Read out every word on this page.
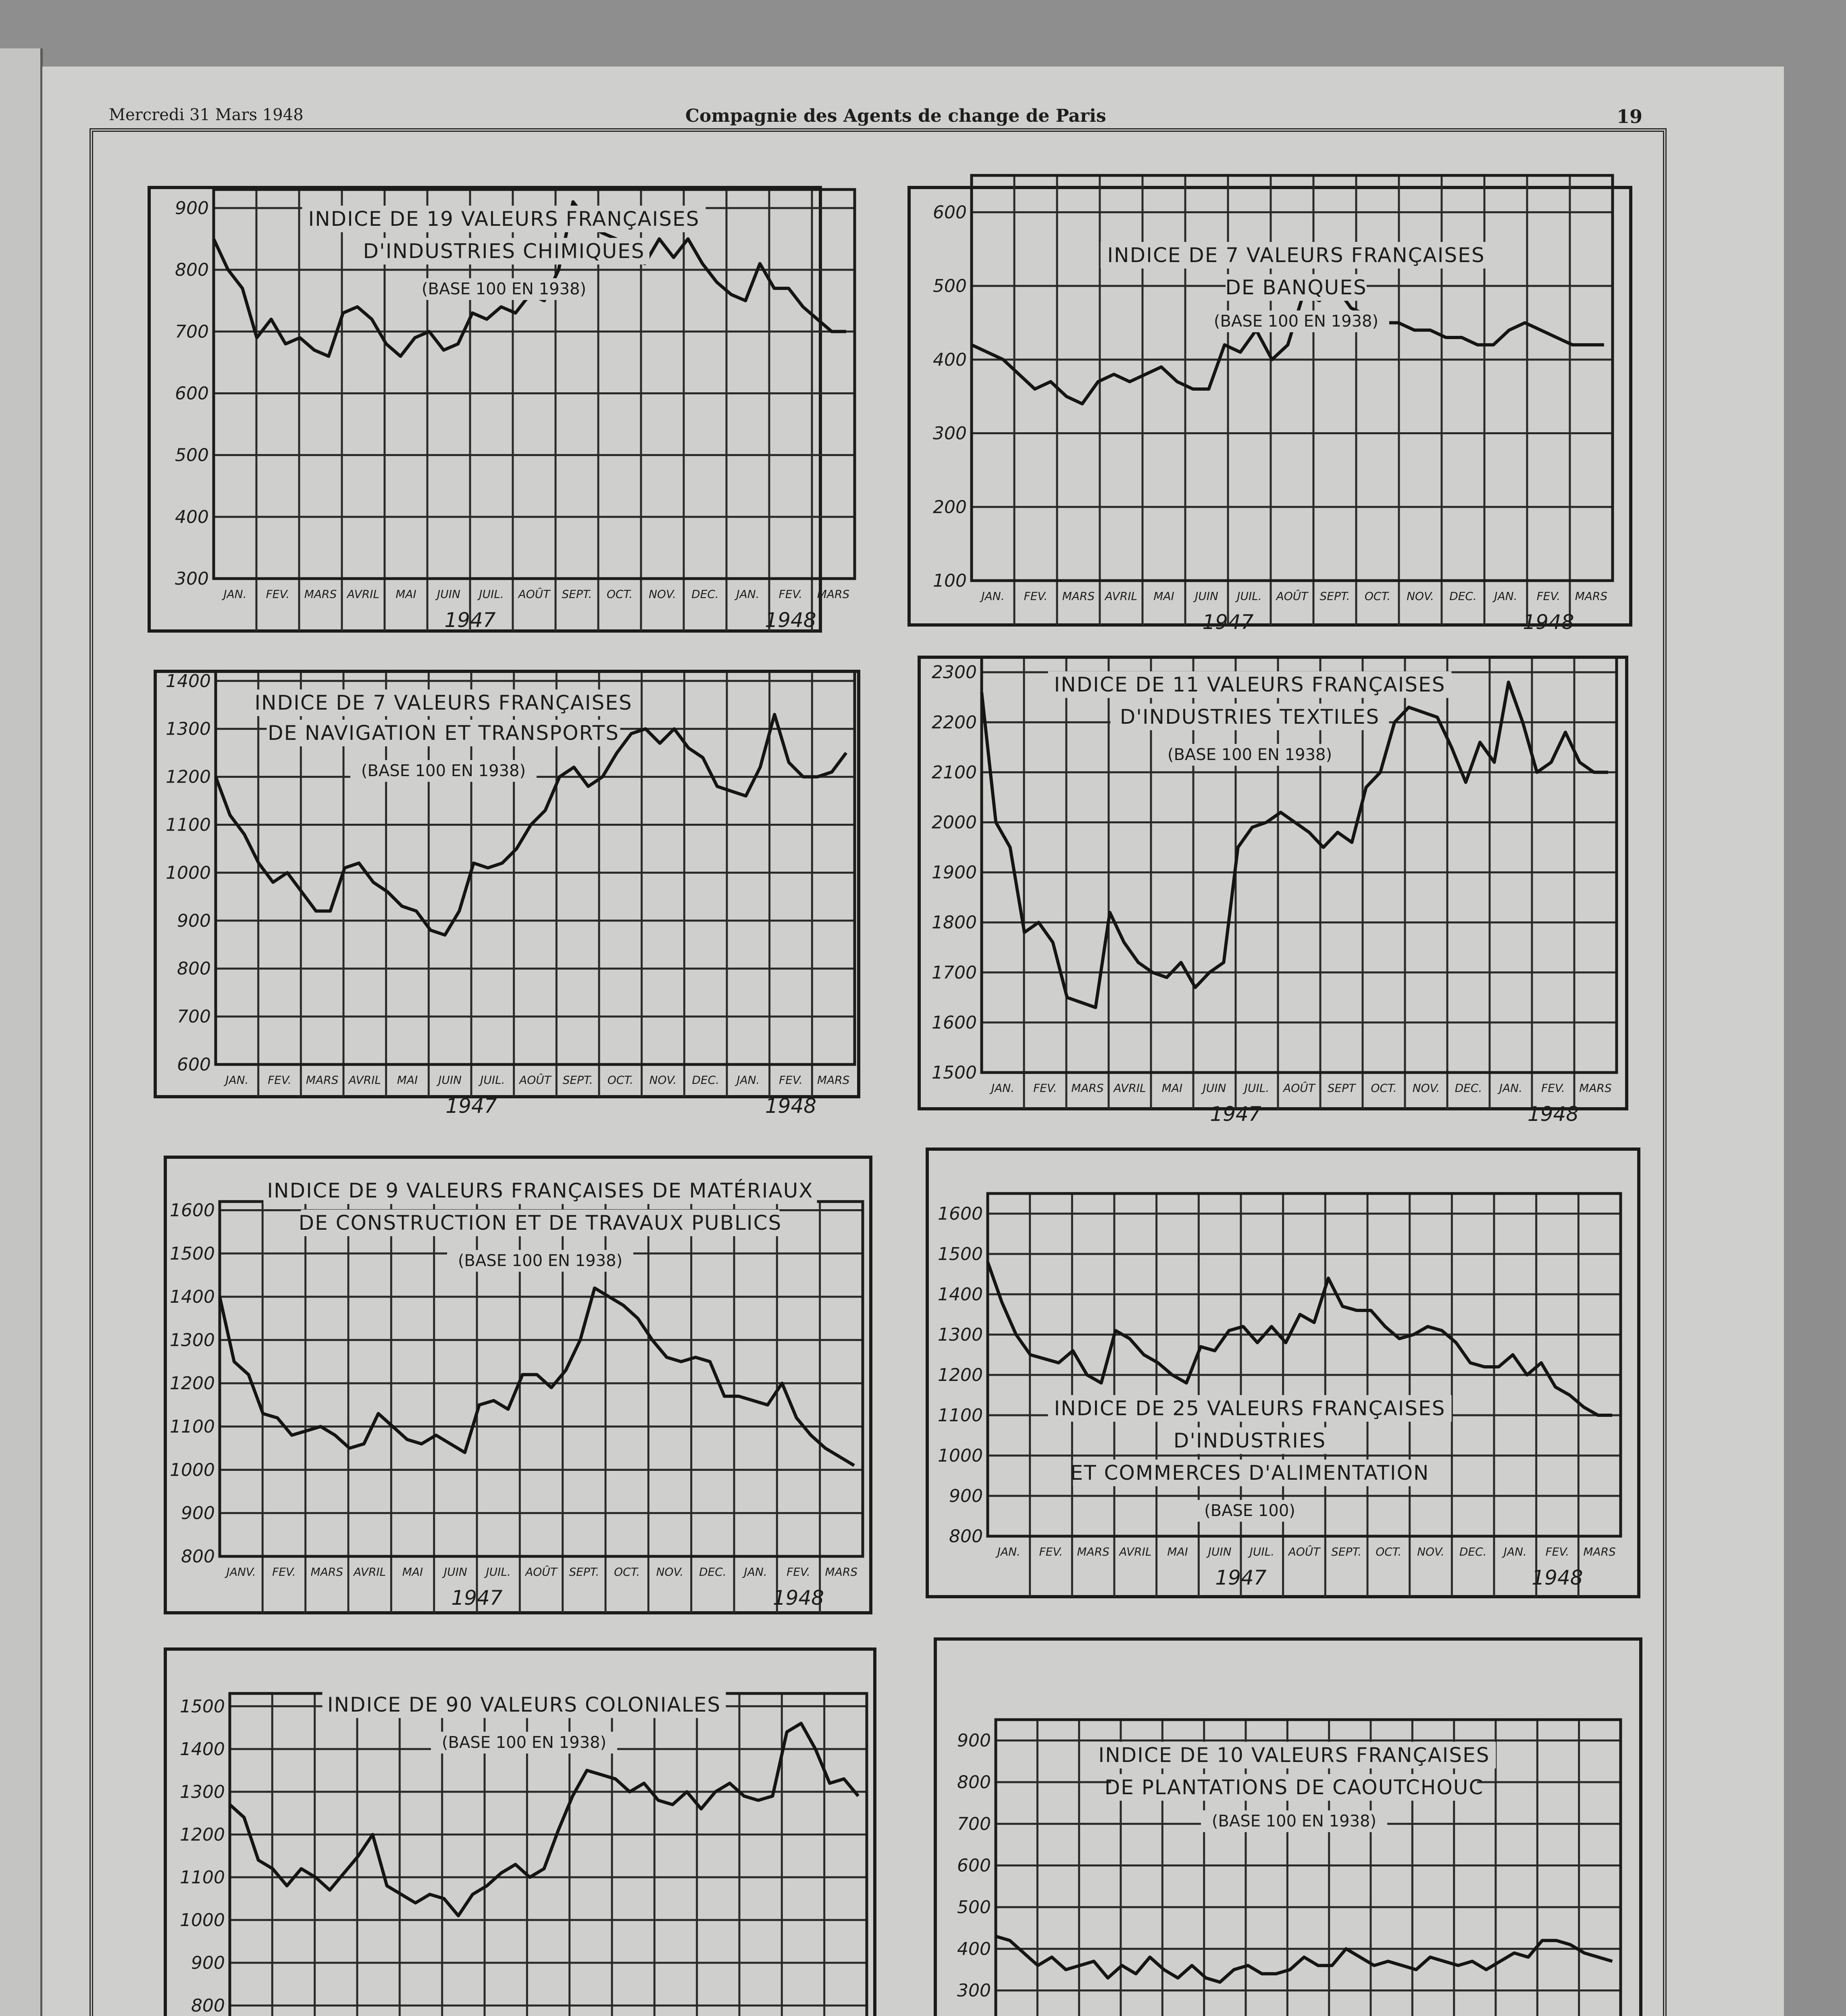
Mercredi 31 Mars 1948	Compagnie des Agents de change de Paris	19
300
400
500
600
700
800
900
JAN. FEV. MARS AVRIL MAI JUIN JUIL. AOÛT SEPT. OCT. NOV. DEC. JAN. FEV. MARS
1947	1948
INDICE DE 19 VALEURS FRANÇAISES
D'INDUSTRIES CHIMIQUES
(BASE 100 EN 1938)
100
200
300
400
500
600
JAN. FEV. MARS AVRIL MAI JUIN JUIL. AOÛT SEPT. OCT. NOV. DEC. JAN. FEV. MARS
1947	1948
INDICE DE 7 VALEURS FRANÇAISES
DE BANQUES
(BASE 100 EN 1938)
600
700
800
900
1000
1100
1200
1300
1400
JAN. FEV. MARS AVRIL MAI JUIN JUIL. AOÛT SEPT. OCT. NOV. DEC. JAN. FEV. MARS
1947	1948
INDICE DE 7 VALEURS FRANÇAISES
DE NAVIGATION ET TRANSPORTS
(BASE 100 EN 1938)
1500
1600
1700
1800
1900
2000
2100
2200
2300
JAN. FEV. MARS AVRIL MAI JUIN JUIL. AOÛT SEPT OCT. NOV. DEC. JAN. FEV. MARS
1947	1948
INDICE DE 11 VALEURS FRANÇAISES
D'INDUSTRIES TEXTILES
(BASE 100 EN 1938)
800
900
1000
1100
1200
1300
1400
1500
1600
JANV. FEV. MARS AVRIL MAI JUIN JUIL. AOÛT SEPT. OCT. NOV. DEC. JAN. FEV. MARS
1947	1948
INDICE DE 9 VALEURS FRANÇAISES DE MATÉRIAUX
DE CONSTRUCTION ET DE TRAVAUX PUBLICS
(BASE 100 EN 1938)
800
900
1000
1100
1200
1300
1400
1500
1600
JAN. FEV. MARS AVRIL MAI JUIN JUIL. AOÛT SEPT. OCT. NOV. DEC. JAN. FEV. MARS
1947	1948
INDICE DE 25 VALEURS FRANÇAISES
D'INDUSTRIES
ET COMMERCES D'ALIMENTATION
(BASE 100)
800
900
1000
1100
1200
1300
1400
1500	INDICE DE 90 VALEURS COLONIALES
(BASE 100 EN 1938)
300
400
500
600
700
800
900
INDICE DE 10 VALEURS FRANÇAISES
DE PLANTATIONS DE CAOUTCHOUC
(BASE 100 EN 1938)
